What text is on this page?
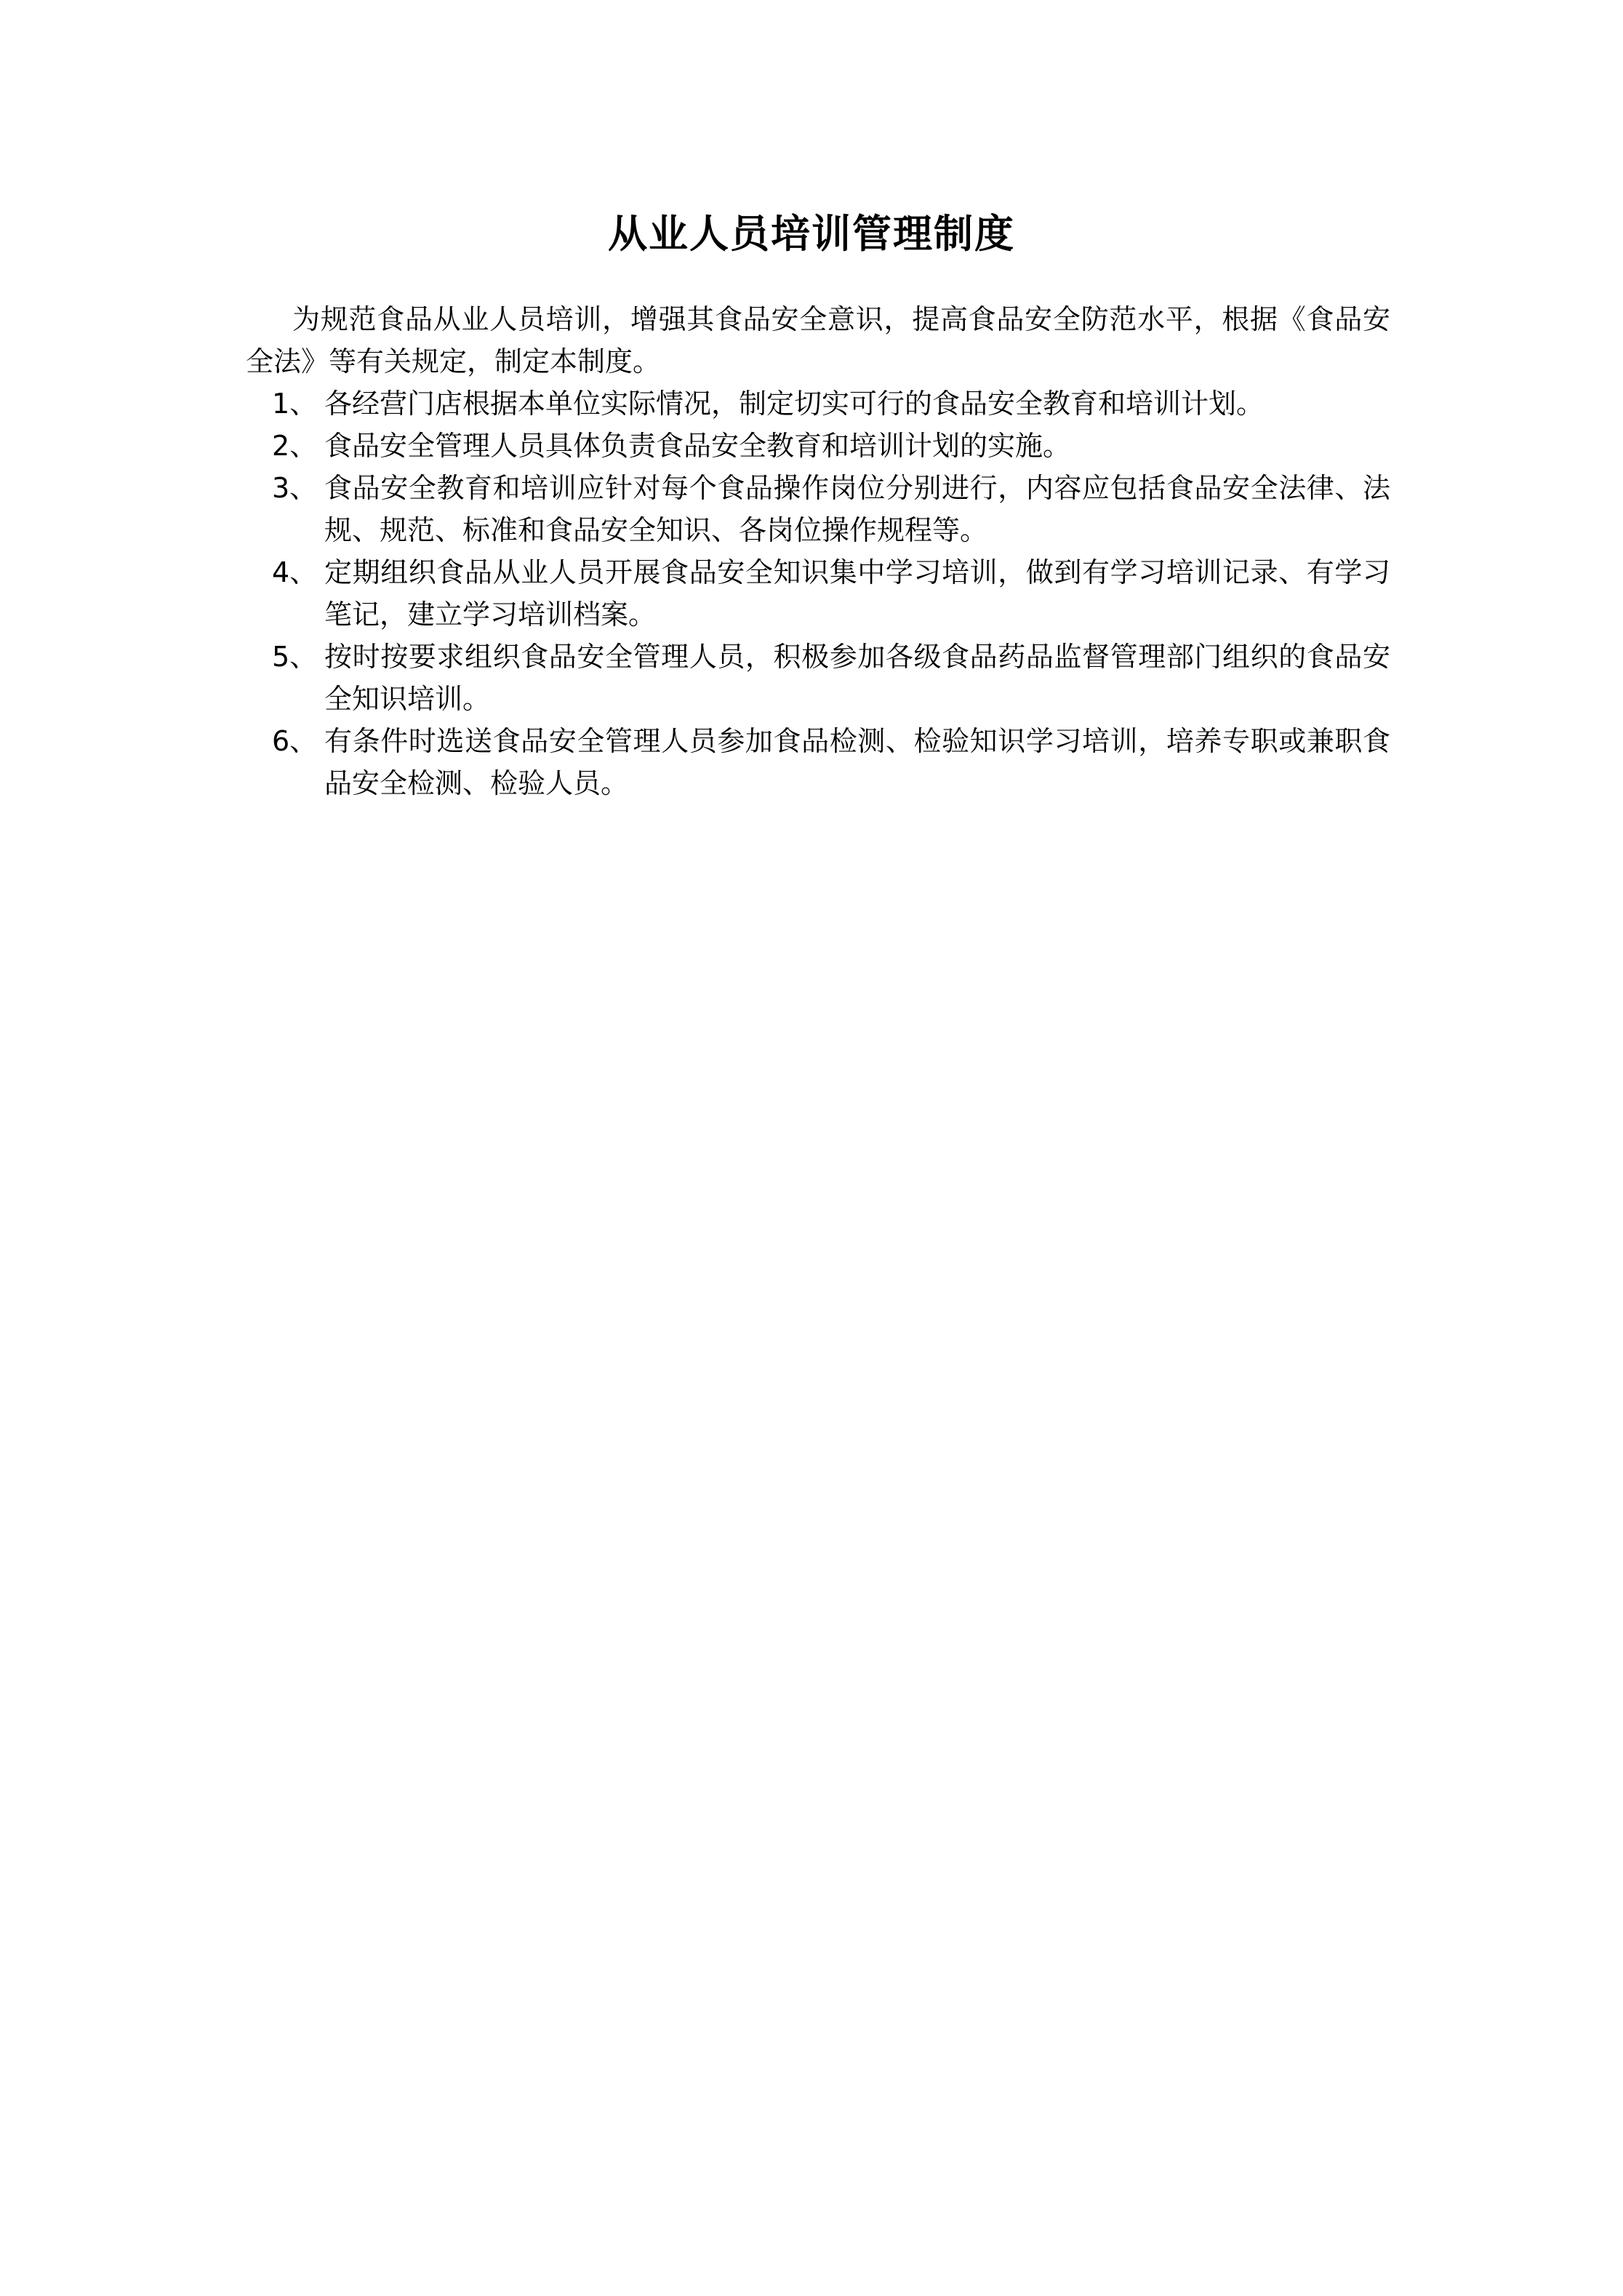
从业人员培训管理制度

为规范食品从业人员培训，增强其食品安全意识，提高食品安全防范水平，根据《食品安全法》等有关规定，制定本制度。

1、 各经营门店根据本单位实际情况，制定切实可行的食品安全教育和培训计划。
2、 食品安全管理人员具体负责食品安全教育和培训计划的实施。
3、 食品安全教育和培训应针对每个食品操作岗位分别进行，内容应包括食品安全法律、法规、规范、标准和食品安全知识、各岗位操作规程等。
4、 定期组织食品从业人员开展食品安全知识集中学习培训，做到有学习培训记录、有学习笔记，建立学习培训档案。
5、 按时按要求组织食品安全管理人员，积极参加各级食品药品监督管理部门组织的食品安全知识培训。
6、 有条件时选送食品安全管理人员参加食品检测、检验知识学习培训，培养专职或兼职食品安全检测、检验人员。
